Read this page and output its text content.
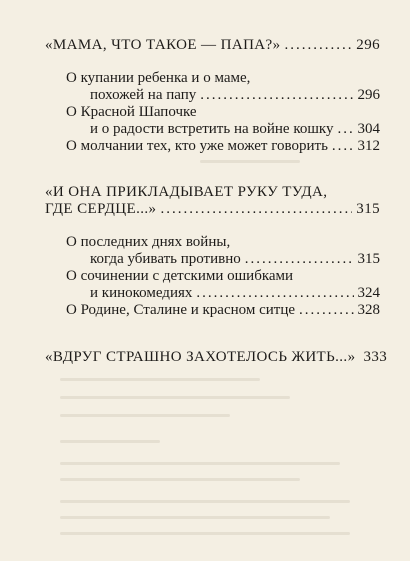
«МАМА, ЧТО ТАКОЕ — ПАПА?» .....	296
О купании ребенка и о маме,
похожей на папу .....	296
О Красной Шапочке
и о радости встретить на войне кошку ..... 304
О молчании тех, кто уже может говорить ..... 312
«И ОНА ПРИКЛАДЫВАЕТ РУКУ ТУДА,
ГДЕ СЕРДЦЕ...» .....	315
О последних днях войны,
когда убивать противно .....	315
О сочинении с детскими ошибками
и кинокомедиях .....	324
О Родине, Сталине и красном ситце .....	328
«ВДРУГ СТРАШНО ЗАХОТЕЛОСЬ ЖИТЬ...» 333
